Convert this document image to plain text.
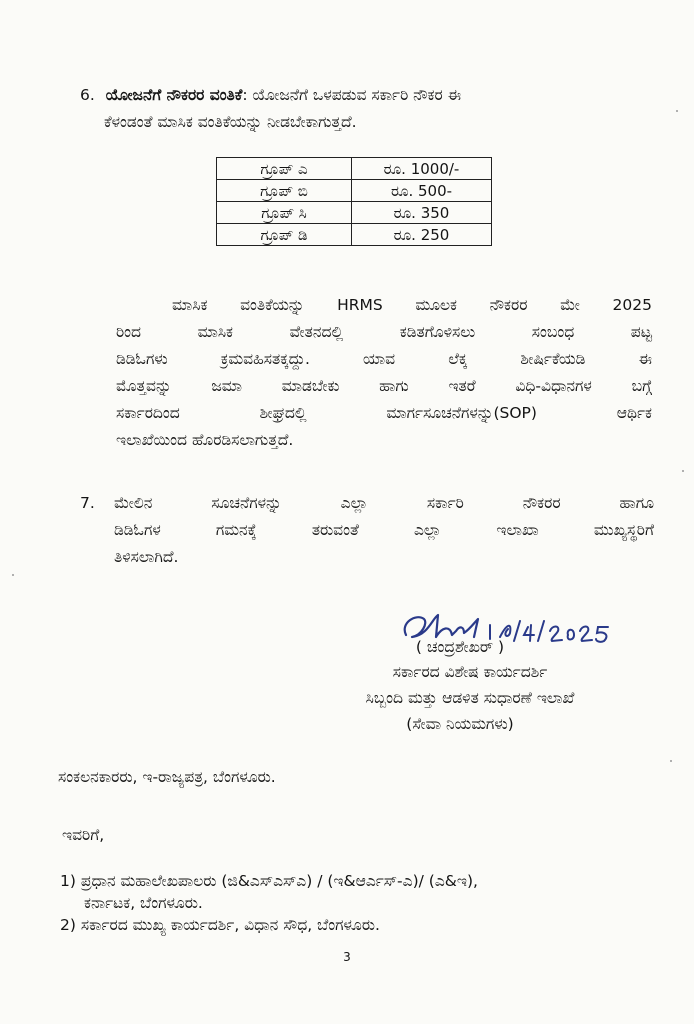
6. ಯೋಜನೆಗೆ ನೌಕರರ ವಂತಿಕೆ: ಯೋಜನೆಗೆ ಒಳಪಡುವ ಸರ್ಕಾರಿ ನೌಕರ ಈ
ಕೆಳಂಡಂತೆ ಮಾಸಿಕ ವಂತಿಕೆಯನ್ನು ನೀಡಬೇಕಾಗುತ್ತದೆ.
ಗ್ರೂಪ್ ಎ	ರೂ. 1000/-
ಗ್ರೂಪ್ ಬಿ	ರೂ. 500-
ಗ್ರೂಪ್ ಸಿ	ರೂ. 350
ಗ್ರೂಪ್ ಡಿ	ರೂ. 250
ಮಾಸಿಕ ವಂತಿಕೆಯನ್ನು HRMS ಮೂಲಕ ನೌಕರರ ಮೇ 2025
ರಿಂದ ಮಾಸಿಕ ವೇತನದಲ್ಲಿ ಕಡಿತಗೊಳಿಸಲು ಸಂಬಂಧ ಪಟ್ಟ
ಡಿಡಿಓಗಳು ಕ್ರಮವಹಿಸತಕ್ಕದ್ದು. ಯಾವ ಲೆಕ್ಕ ಶೀರ್ಷಿಕೆಯಡಿ ಈ
ಮೊತ್ತವನ್ನು ಜಮಾ ಮಾಡಬೇಕು ಹಾಗು ಇತರೆ ವಿಧಿ-ವಿಧಾನಗಳ ಬಗ್ಗೆ
ಸರ್ಕಾರದಿಂದ ಶೀಘ್ರದಲ್ಲಿ ಮಾರ್ಗಸೂಚನೆಗಳನ್ನು(SOP) ಆರ್ಥಿಕ
ಇಲಾಖೆಯಿಂದ ಹೊರಡಿಸಲಾಗುತ್ತದೆ.
7. ಮೇಲಿನ ಸೂಚನೆಗಳನ್ನು ಎಲ್ಲಾ ಸರ್ಕಾರಿ ನೌಕರರ ಹಾಗೂ
ಡಿಡಿಓಗಳ ಗಮನಕ್ಕೆ ತರುವಂತೆ ಎಲ್ಲಾ ಇಲಾಖಾ ಮುಖ್ಯಸ್ಥರಿಗೆ
ತಿಳಿಸಲಾಗಿದೆ.
( ಚಂದ್ರಶೇಖರ್ )
ಸರ್ಕಾರದ ವಿಶೇಷ ಕಾರ್ಯದರ್ಶಿ
ಸಿಬ್ಬಂದಿ ಮತ್ತು ಆಡಳಿತ ಸುಧಾರಣೆ ಇಲಾಖೆ
(ಸೇವಾ ನಿಯಮಗಳು)
ಸಂಕಲನಕಾರರು, ಇ-ರಾಜ್ಯಪತ್ರ, ಬೆಂಗಳೂರು.
ಇವರಿಗೆ,
1) ಪ್ರಧಾನ ಮಹಾಲೇಖಪಾಲರು (ಜಿ&ಎಸ್ಎಸ್ಎ) / (ಇ&ಆರ್ಎಸ್-ಎ)/ (ಎ&ಇ),
ಕರ್ನಾಟಕ, ಬೆಂಗಳೂರು.
2) ಸರ್ಕಾರದ ಮುಖ್ಯ ಕಾರ್ಯದರ್ಶಿ, ವಿಧಾನ ಸೌಧ, ಬೆಂಗಳೂರು.
3
